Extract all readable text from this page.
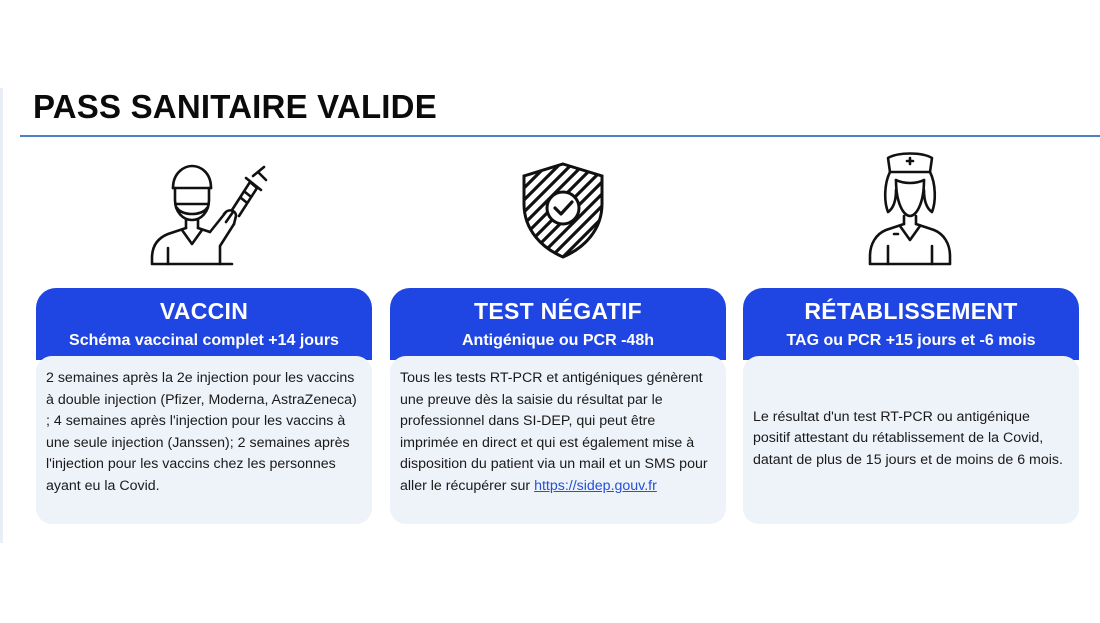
PASS SANITAIRE VALIDE
VACCIN
Schéma vaccinal complet +14 jours
2 semaines après la 2e injection pour les vaccins à double injection (Pfizer, Moderna, AstraZeneca) ; 4 semaines après l'injection pour les vaccins à une seule injection (Janssen); 2 semaines après l'injection pour les vaccins chez les personnes ayant eu la Covid.
TEST NÉGATIF
Antigénique ou PCR -48h
Tous les tests RT-PCR et antigéniques génèrent une preuve dès la saisie du résultat par le professionnel dans SI-DEP, qui peut être imprimée en direct et qui est également mise à disposition du patient via un mail et un SMS pour aller le récupérer sur https://sidep.gouv.fr
RÉTABLISSEMENT
TAG ou PCR +15 jours et -6 mois
Le résultat d'un test RT-PCR ou antigénique positif attestant du rétablissement de la Covid, datant de plus de 15 jours et de moins de 6 mois.
